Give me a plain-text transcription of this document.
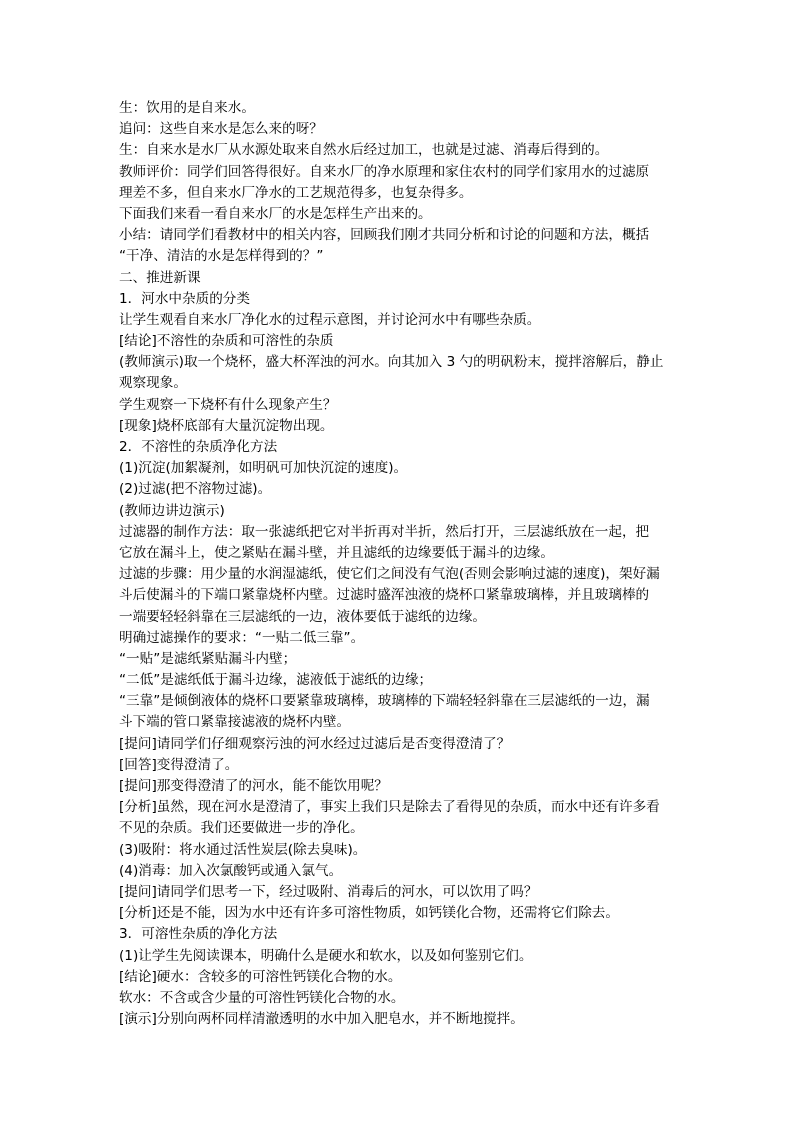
生：饮用的是自来水。
追问：这些自来水是怎么来的呀？
生：自来水是水厂从水源处取来自然水后经过加工，也就是过滤、消毒后得到的。
教师评价：同学们回答得很好。自来水厂的净水原理和家住农村的同学们家用水的过滤原
理差不多，但自来水厂净水的工艺规范得多，也复杂得多。
下面我们来看一看自来水厂的水是怎样生产出来的。
小结：请同学们看教材中的相关内容，回顾我们刚才共同分析和讨论的问题和方法，概括
“干净、清洁的水是怎样得到的？”
二、推进新课
1．河水中杂质的分类
让学生观看自来水厂净化水的过程示意图，并讨论河水中有哪些杂质。
[结论]不溶性的杂质和可溶性的杂质
(教师演示)取一个烧杯，盛大杯浑浊的河水。向其加入 3 勺的明矾粉末，搅拌溶解后，静止
观察现象。
学生观察一下烧杯有什么现象产生？
[现象]烧杯底部有大量沉淀物出现。
2．不溶性的杂质净化方法
(1)沉淀(加絮凝剂，如明矾可加快沉淀的速度)。
(2)过滤(把不溶物过滤)。
(教师边讲边演示)
过滤器的制作方法：取一张滤纸把它对半折再对半折，然后打开，三层滤纸放在一起，把
它放在漏斗上，使之紧贴在漏斗壁，并且滤纸的边缘要低于漏斗的边缘。
过滤的步骤：用少量的水润湿滤纸，使它们之间没有气泡(否则会影响过滤的速度)，架好漏
斗后使漏斗的下端口紧靠烧杯内壁。过滤时盛浑浊液的烧杯口紧靠玻璃棒，并且玻璃棒的
一端要轻轻斜靠在三层滤纸的一边，液体要低于滤纸的边缘。
明确过滤操作的要求：“一贴二低三靠”。
“一贴”是滤纸紧贴漏斗内壁；
“二低”是滤纸低于漏斗边缘，滤液低于滤纸的边缘；
“三靠”是倾倒液体的烧杯口要紧靠玻璃棒，玻璃棒的下端轻轻斜靠在三层滤纸的一边，漏
斗下端的管口紧靠接滤液的烧杯内壁。
[提问]请同学们仔细观察污浊的河水经过过滤后是否变得澄清了？
[回答]变得澄清了。
[提问]那变得澄清了的河水，能不能饮用呢？
[分析]虽然，现在河水是澄清了，事实上我们只是除去了看得见的杂质，而水中还有许多看
不见的杂质。我们还要做进一步的净化。
(3)吸附：将水通过活性炭层(除去臭味)。
(4)消毒：加入次氯酸钙或通入氯气。
[提问]请同学们思考一下，经过吸附、消毒后的河水，可以饮用了吗？
[分析]还是不能，因为水中还有许多可溶性物质，如钙镁化合物，还需将它们除去。
3．可溶性杂质的净化方法
(1)让学生先阅读课本，明确什么是硬水和软水，以及如何鉴别它们。
[结论]硬水：含较多的可溶性钙镁化合物的水。
软水：不含或含少量的可溶性钙镁化合物的水。
[演示]分别向两杯同样清澈透明的水中加入肥皂水，并不断地搅拌。
